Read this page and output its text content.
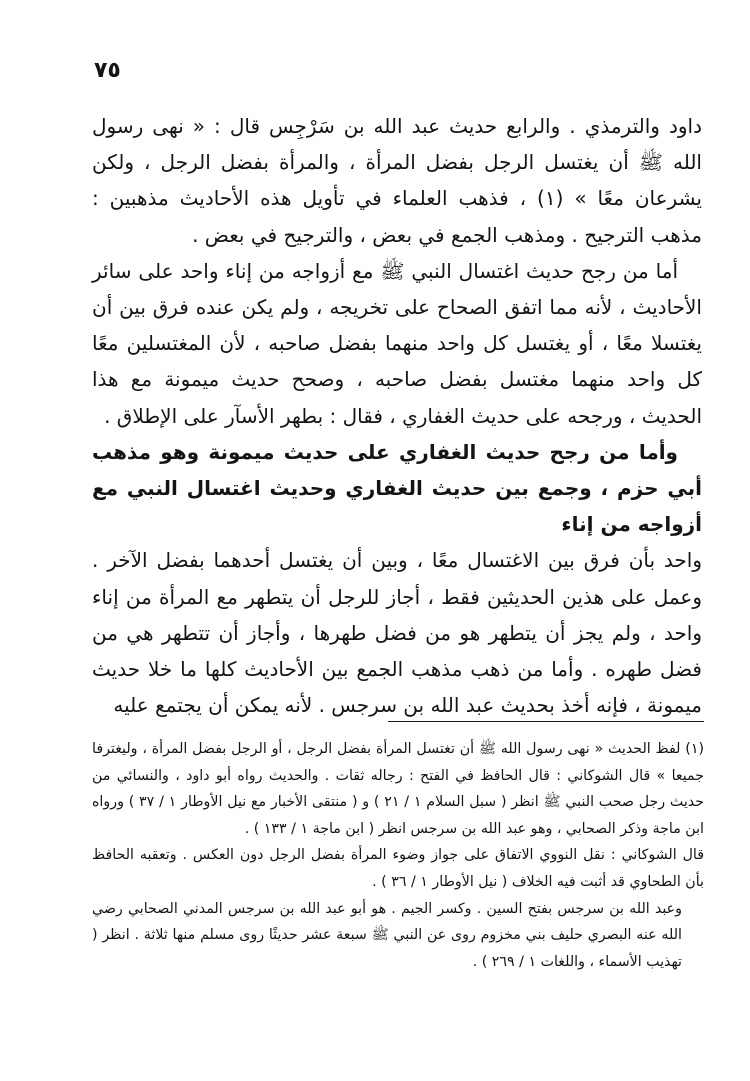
٧٥

داود والترمذي . والرابع حديث عبد الله بن سَرْجِس قال : « نهى رسول الله ﷺ أن يغتسل الرجل بفضل المرأة ، والمرأة بفضل الرجل ، ولكن يشرعان معًا » (١) ، فذهب العلماء في تأويل هذه الأحاديث مذهبين : مذهب الترجيح . ومذهب الجمع في بعض ، والترجيح في بعض .

أما من رجح حديث اغتسال النبي ﷺ مع أزواجه من إناء واحد على سائر الأحاديث ، لأنه مما اتفق الصحاح على تخريجه ، ولم يكن عنده فرق بين أن يغتسلا معًا ، أو يغتسل كل واحد منهما بفضل صاحبه ، لأن المغتسلين معًا كل واحد منهما مغتسل بفضل صاحبه ، وصحح حديث ميمونة مع هذا الحديث ، ورجحه على حديث الغفاري ، فقال : بطهر الأسآر على الإطلاق .

وأما من رجح حديث الغفاري على حديث ميمونة وهو مذهب أبي حزم ، وجمع بين حديث الغفاري وحديث اغتسال النبي مع أزواجه من إناء

واحد بأن فرق بين الاغتسال معًا ، وبين أن يغتسل أحدهما بفضل الآخر . وعمل على هذين الحديثين فقط ، أجاز للرجل أن يتطهر مع المرأة من إناء واحد ، ولم يجز أن يتطهر هو من فضل طهرها ، وأجاز أن تتطهر هي من فضل طهره . وأما من ذهب مذهب الجمع بين الأحاديث كلها ما خلا حديث ميمونة ، فإنه أخذ بحديث عبد الله بن سرجس . لأنه يمكن أن يجتمع عليه

(١) لفظ الحديث « نهى رسول الله ﷺ أن تغتسل المرأة بفضل الرجل ، أو الرجل بفضل المرأة ، وليغترفا جميعا » قال الشوكاني : قال الحافظ في الفتح : رجاله ثقات . والحديث رواه أبو داود ، والنسائي من حديث رجل صحب النبي ﷺ انظر ( سبل السلام ١ / ٢١ ) و ( منتقى الأخبار مع نيل الأوطار ١ / ٣٧ ) ورواه ابن ماجة وذكر الصحابي ، وهو عبد الله بن سرجس انظر ( ابن ماجة ١ / ١٣٣ ) .

قال الشوكاني : نقل النووي الاتفاق على جواز وضوء المرأة بفضل الرجل دون العكس . وتعقبه الحافظ بأن الطحاوي قد أثبت فيه الخلاف ( نيل الأوطار ١ / ٣٦ ) .

وعبد الله بن سرجس بفتح السين . وكسر الجيم . هو أبو عبد الله بن سرجس المدني الصحابي رضي الله عنه البصري حليف بني مخزوم روى عن النبي ﷺ سبعة عشر حديثًا روى مسلم منها ثلاثة . انظر ( تهذيب الأسماء ، واللغات ١ / ٢٦٩ ) .
